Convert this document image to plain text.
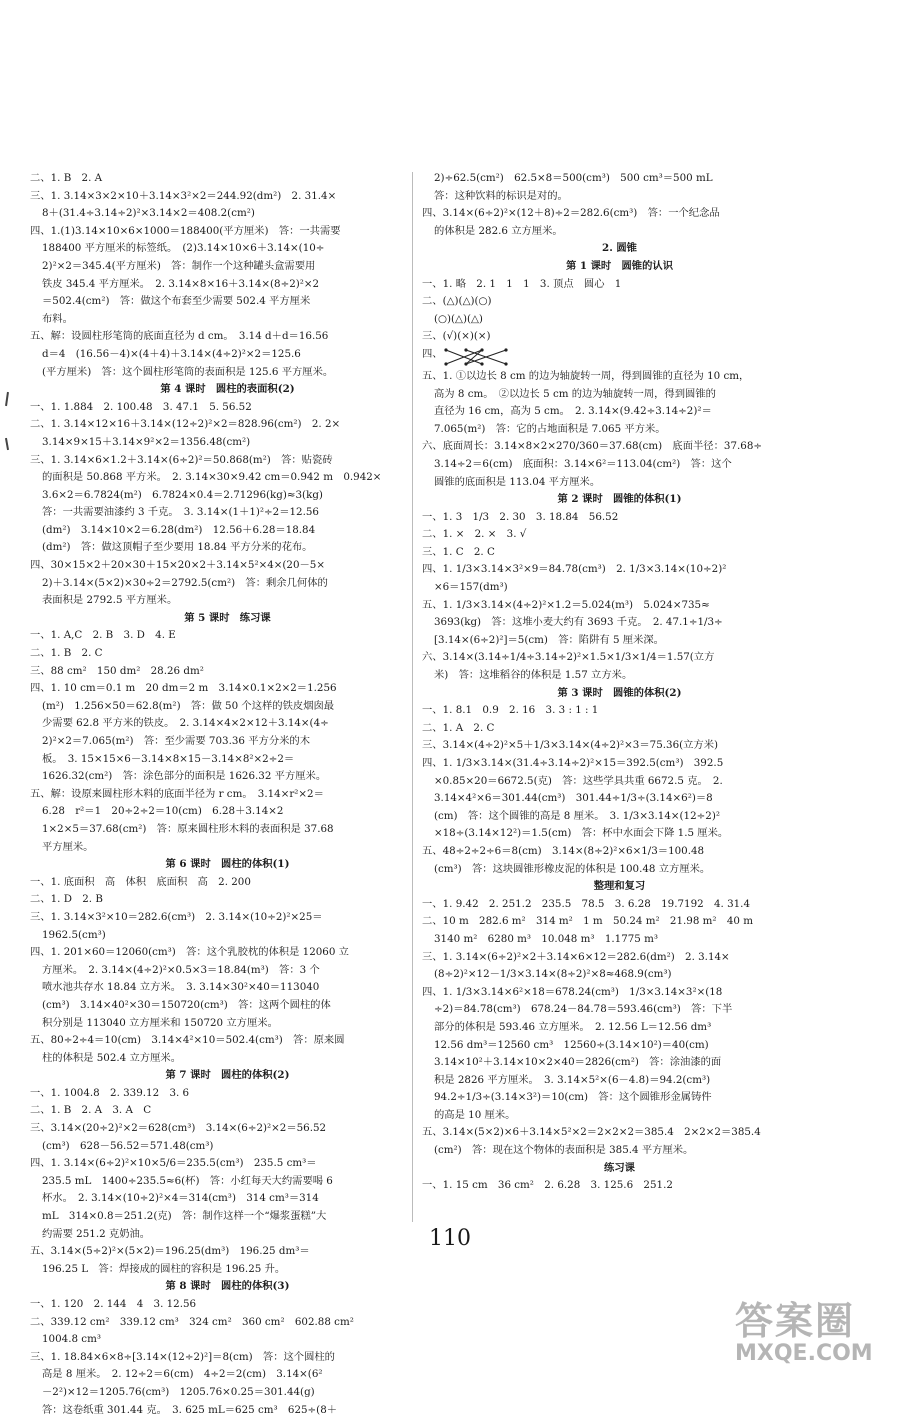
二、1. B　2. A
三、1. 3.14×3×2×10＋3.14×3²×2＝244.92(dm²)　2. 31.4×
8＋(31.4÷3.14÷2)²×3.14×2＝408.2(cm²)
四、1.(1)3.14×10×6×1000＝188400(平方厘米)　答：一共需要
188400 平方厘米的标签纸。　(2)3.14×10×6＋3.14×(10÷
2)²×2＝345.4(平方厘米)　答：制作一个这种罐头盒需要用
铁皮 345.4 平方厘米。　2. 3.14×8×16＋3.14×(8÷2)²×2
＝502.4(cm²)　答：做这个布套至少需要 502.4 平方厘米
布料。
五、解：设圆柱形笔筒的底面直径为 d cm。　3.14 d＋d＝16.56
d＝4　(16.56－4)×(4＋4)＋3.14×(4÷2)²×2＝125.6
(平方厘米)　答：这个圆柱形笔筒的表面积是 125.6 平方厘米。
第 4 课时　圆柱的表面积(2)
一、1. 1.884　2. 100.48　3. 47.1　5. 56.52
二、1. 3.14×12×16＋3.14×(12÷2)²×2＝828.96(cm²)　2. 2×
3.14×9×15＋3.14×9²×2＝1356.48(cm²)
三、1. 3.14×6×1.2＋3.14×(6÷2)²＝50.868(m²)　答：贴瓷砖
的面积是 50.868 平方米。　2. 3.14×30×9.42 cm＝0.942 m　0.942×
3.6×2＝6.7824(m²)　6.7824×0.4＝2.71296(kg)≈3(kg)
答：一共需要油漆约 3 千克。　3. 3.14×(1＋1)²÷2＝12.56
(dm²)　3.14×10×2＝6.28(dm²)　12.56＋6.28＝18.84
(dm²)　答：做这顶帽子至少要用 18.84 平方分米的花布。
四、30×15×2＋20×30＋15×20×2＋3.14×5²×4×(20－5×
2)＋3.14×(5×2)×30÷2＝2792.5(cm²)　答：剩余几何体的
表面积是 2792.5 平方厘米。
第 5 课时　练习课
一、1. A,C　2. B　3. D　4. E
二、1. B　2. C
三、88 cm²　150 dm²　28.26 dm²
四、1. 10 cm＝0.1 m　20 dm＝2 m　3.14×0.1×2×2＝1.256
(m²)　1.256×50＝62.8(m²)　答：做 50 个这样的铁皮烟囱最
少需要 62.8 平方米的铁皮。　2. 3.14×4×2×12＋3.14×(4÷
2)²×2＝7.065(m²)　答：至少需要 703.36 平方分米的木
板。　3. 15×15×6－3.14×8×15－3.14×8²×2÷2＝
1626.32(cm²)　答：涂色部分的面积是 1626.32 平方厘米。
五、解：设原来圆柱形木料的底面半径为 r cm。　3.14×r²×2＝
6.28　r²＝1　20÷2÷2＝10(cm)　6.28＋3.14×2
1×2×5＝37.68(cm²)　答：原来圆柱形木料的表面积是 37.68
平方厘米。
第 6 课时　圆柱的体积(1)
一、1. 底面积　高　体积　底面积　高　2. 200
二、1. D　2. B
三、1. 3.14×3²×10＝282.6(cm³)　2. 3.14×(10÷2)²×25＝
1962.5(cm³)
四、1. 201×60＝12060(cm³)　答：这个乳胶枕的体积是 12060 立
方厘米。　2. 3.14×(4÷2)²×0.5×3＝18.84(m³)　答：3 个
喷水池共存水 18.84 立方米。　3. 3.14×30²×40＝113040
(cm³)　3.14×40²×30＝150720(cm³)　答：这两个圆柱的体
积分别是 113040 立方厘米和 150720 立方厘米。
五、80÷2÷4＝10(cm)　3.14×4²×10＝502.4(cm³)　答：原来圆
柱的体积是 502.4 立方厘米。
第 7 课时　圆柱的体积(2)
一、1. 1004.8　2. 339.12　3. 6
二、1. B　2. A　3. A　C
三、3.14×(20÷2)²×2＝628(cm³)　3.14×(6÷2)²×2＝56.52
(cm³)　628－56.52＝571.48(cm³)
四、1. 3.14×(6÷2)²×10×5/6＝235.5(cm³)　235.5 cm³＝
235.5 mL　1400÷235.5≈6(杯)　答：小红每天大约需要喝 6
杯水。　2. 3.14×(10÷2)²×4＝314(cm³)　314 cm³＝314
mL　314×0.8＝251.2(克)　答：制作这样一个“爆浆蛋糕”大
约需要 251.2 克奶油。
五、3.14×(5÷2)²×(5×2)＝196.25(dm³)　196.25 dm³＝
196.25 L　答：焊接成的圆柱的容积是 196.25 升。
第 8 课时　圆柱的体积(3)
一、1. 120　2. 144　4　3. 12.56
二、339.12 cm²　339.12 cm³　324 cm²　360 cm²　602.88 cm²
1004.8 cm³
三、1. 18.84×6×8÷[3.14×(12÷2)²]＝8(cm)　答：这个圆柱的
高是 8 厘米。　2. 12÷2＝6(cm)　4÷2＝2(cm)　3.14×(6²
－2²)×12＝1205.76(cm³)　1205.76×0.25＝301.44(g)
答：这卷纸重 301.44 克。　3. 625 mL＝625 cm³　625÷(8＋
2)÷62.5(cm²)　62.5×8＝500(cm³)　500 cm³＝500 mL
答：这种饮料的标识是对的。
四、3.14×(6÷2)²×(12＋8)÷2＝282.6(cm³)　答：一个纪念品
的体积是 282.6 立方厘米。
2. 圆锥
第 1 课时　圆锥的认识
一、1. 略　2. 1　1　1　3. 顶点　圆心　1
二、(△)(△)(○)
(○)(△)(△)
三、(√)(×)(×)
四、
五、1. ①以边长 8 cm 的边为轴旋转一周，得到圆锥的直径为 10 cm，
高为 8 cm。　②以边长 5 cm 的边为轴旋转一周，得到圆锥的
直径为 16 cm，高为 5 cm。　2. 3.14×(9.42÷3.14÷2)²＝
7.065(m²)　答：它的占地面积是 7.065 平方米。
六、底面周长：3.14×8×2×270/360＝37.68(cm)　底面半径：37.68÷
3.14÷2＝6(cm)　底面积：3.14×6²＝113.04(cm²)　答：这个
圆锥的底面积是 113.04 平方厘米。
第 2 课时　圆锥的体积(1)
一、1. 3　1/3　2. 30　3. 18.84　56.52
二、1. ×　2. ×　3. √
三、1. C　2. C
四、1. 1/3×3.14×3²×9＝84.78(cm³)　2. 1/3×3.14×(10÷2)²
×6＝157(dm³)
五、1. 1/3×3.14×(4÷2)²×1.2＝5.024(m³)　5.024×735≈
3693(kg)　答：这堆小麦大约有 3693 千克。　2. 47.1÷1/3÷
[3.14×(6÷2)²]＝5(cm)　答：陷阱有 5 厘米深。
六、3.14×(3.14÷1/4÷3.14÷2)²×1.5×1/3×1/4＝1.57(立方
米)　答：这堆稻谷的体积是 1.57 立方米。
第 3 课时　圆锥的体积(2)
一、1. 8.1　0.9　2. 16　3. 3 : 1 : 1
二、1. A　2. C
三、3.14×(4÷2)²×5＋1/3×3.14×(4÷2)²×3＝75.36(立方米)
四、1. 1/3×3.14×(31.4÷3.14÷2)²×15＝392.5(cm³)　392.5
×0.85×20＝6672.5(克)　答：这些学具共重 6672.5 克。　2.
3.14×4²×6＝301.44(cm³)　301.44÷1/3÷(3.14×6²)＝8
(cm)　答：这个圆锥的高是 8 厘米。　3. 1/3×3.14×(12÷2)²
×18÷(3.14×12²)＝1.5(cm)　答：杯中水面会下降 1.5 厘米。
五、48÷2÷2÷6＝8(cm)　3.14×(8÷2)²×6×1/3＝100.48
(cm³)　答：这块圆锥形橡皮泥的体积是 100.48 立方厘米。
整理和复习
一、1. 9.42　2. 251.2　235.5　78.5　3. 6.28　19.7192　4. 31.4
二、10 m　282.6 m²　314 m²　1 m　50.24 m²　21.98 m²　40 m
3140 m²　6280 m³　10.048 m³　1.1775 m³
三、1. 3.14×(6÷2)²×2＋3.14×6×12＝282.6(dm²)　2. 3.14×
(8÷2)²×12－1/3×3.14×(8÷2)²×8≈468.9(cm³)
四、1. 1/3×3.14×6²×18＝678.24(cm³)　1/3×3.14×3²×(18
÷2)＝84.78(cm³)　678.24－84.78＝593.46(cm³)　答：下半
部分的体积是 593.46 立方厘米。　2. 12.56 L＝12.56 dm³
12.56 dm³＝12560 cm³　12560÷(3.14×10²)＝40(cm)
3.14×10²＋3.14×10×2×40＝2826(cm²)　答：涂油漆的面
积是 2826 平方厘米。　3. 3.14×5²×(6－4.8)＝94.2(cm³)
94.2÷1/3÷(3.14×3²)＝10(cm)　答：这个圆锥形金属铸件
的高是 10 厘米。
五、3.14×(5×2)×6＋3.14×5²×2＝2×2×2＝385.4　2×2×2＝385.4
(cm²)　答：现在这个物体的表面积是 385.4 平方厘米。
练习课
一、1. 15 cm　36 cm²　2. 6.28　3. 125.6　251.2
110
答案圈
MXQE.COM
